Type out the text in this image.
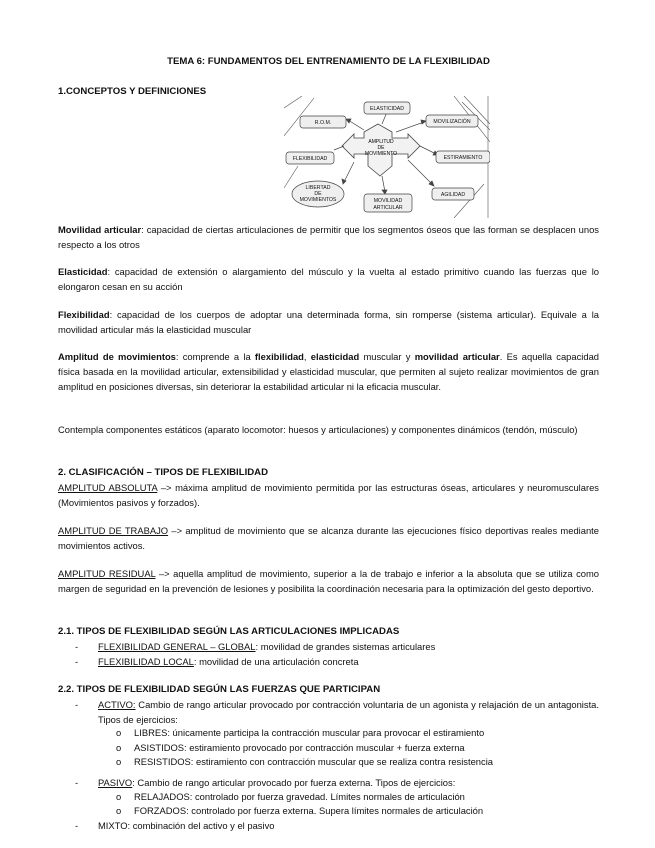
TEMA 6: FUNDAMENTOS DEL ENTRENAMIENTO DE LA FLEXIBILIDAD
1.CONCEPTOS Y DEFINICIONES
AMPLITUD
DE
MOVIMIENTO
R.O.M.
ELASTICIDAD
MOVILIZACIÓN
FLEXIBILIDAD	ESTIRAMIENTO
LIBERTAD
DE
MOVIMIENTOS	MOVILIDAD
ARTICULAR
AGILIDAD

Movilidad articular: capacidad de ciertas articulaciones de permitir que los segmentos óseos que las forman se desplacen unos respecto a los otros

Elasticidad: capacidad de extensión o alargamiento del músculo y la vuelta al estado primitivo cuando las fuerzas que lo elongaron cesan en su acción

Flexibilidad: capacidad de los cuerpos de adoptar una determinada forma, sin romperse (sistema articular). Equivale a la movilidad articular más la elasticidad muscular

Amplitud de movimientos: comprende a la flexibilidad, elasticidad muscular y movilidad articular. Es aquella capacidad física basada en la movilidad articular, extensibilidad y elasticidad muscular, que permiten al sujeto realizar movimientos de gran amplitud en posiciones diversas, sin deteriorar la estabilidad articular ni la eficacia muscular.

Contempla componentes estáticos (aparato locomotor: huesos y articulaciones) y componentes dinámicos (tendón, músculo)

2. CLASIFICACIÓN – TIPOS DE FLEXIBILIDAD

AMPLITUD ABSOLUTA –> máxima amplitud de movimiento permitida por las estructuras óseas, articulares y neuromusculares (Movimientos pasivos y forzados).

AMPLITUD DE TRABAJO –> amplitud de movimiento que se alcanza durante las ejecuciones físico deportivas reales mediante movimientos activos.

AMPLITUD RESIDUAL –> aquella amplitud de movimiento, superior a la de trabajo e inferior a la absoluta que se utiliza como margen de seguridad en la prevención de lesiones y posibilita la coordinación necesaria para la optimización del gesto deportivo.

2.1. TIPOS DE FLEXIBILIDAD SEGÚN LAS ARTICULACIONES IMPLICADAS
- FLEXIBILIDAD GENERAL – GLOBAL: movilidad de grandes sistemas articulares
- FLEXIBILIDAD LOCAL: movilidad de una articulación concreta
2.2. TIPOS DE FLEXIBILIDAD SEGÚN LAS FUERZAS QUE PARTICIPAN
- ACTIVO: Cambio de rango articular provocado por contracción voluntaria de un agonista y relajación de un antagonista. Tipos de ejercicios:
o LIBRES: únicamente participa la contracción muscular para provocar el estiramiento
o ASISTIDOS: estiramiento provocado por contracción muscular + fuerza externa
o RESISTIDOS: estiramiento con contracción muscular que se realiza contra resistencia
- PASIVO: Cambio de rango articular provocado por fuerza externa. Tipos de ejercicios:
o RELAJADOS: controlado por fuerza gravedad. Límites normales de articulación
o FORZADOS: controlado por fuerza externa. Supera límites normales de articulación
- MIXTO: combinación del activo y el pasivo
